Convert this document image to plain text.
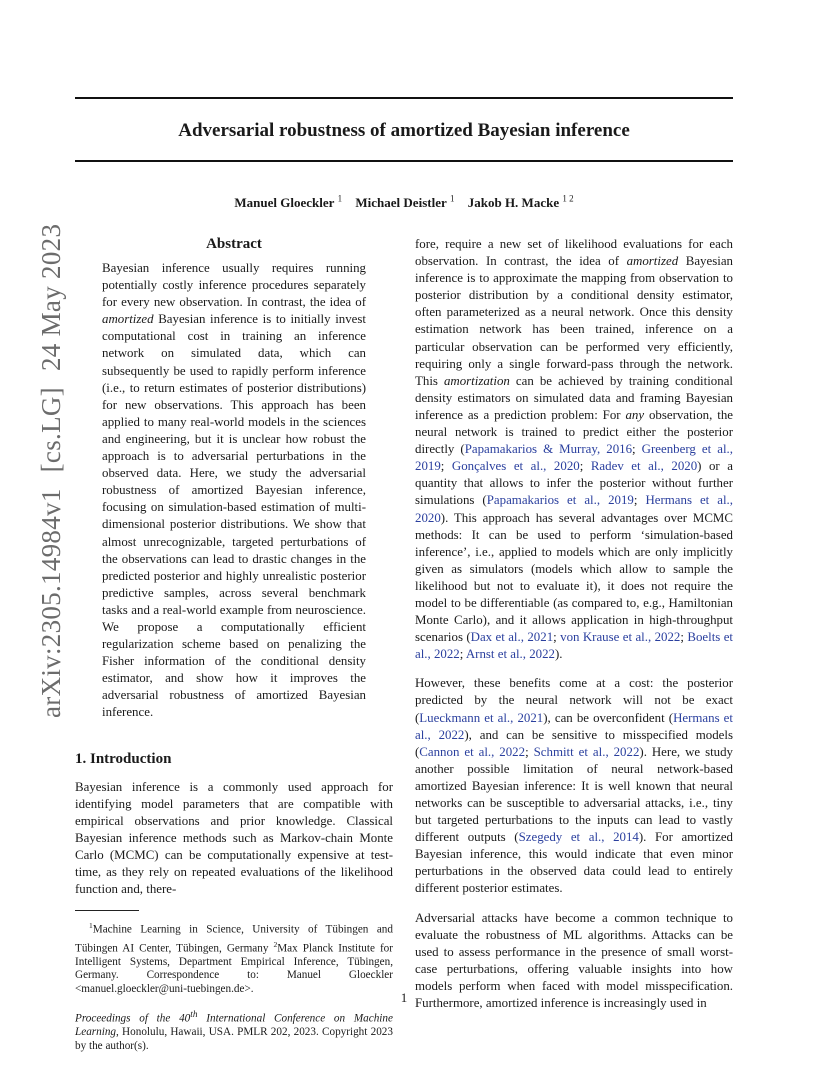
Adversarial robustness of amortized Bayesian inference
Manuel Gloeckler $^1$ Michael Deistler $^1$ Jakob H. Macke $^{1 2}$
arXiv:2305.14984v1[cs.LG]24 May 2023	Abstract

Bayesian inference usually requires running potentially costly inference procedures separately for every new observation. In contrast, the idea of amortized Bayesian inference is to initially invest computational cost in training an inference network on simulated data, which can subsequently be used to rapidly perform inference (i.e., to return estimates of posterior distributions) for new observations. This approach has been applied to many real-world models in the sciences and engineering, but it is unclear how robust the approach is to adversarial perturbations in the observed data. Here, we study the adversarial robustness of amortized Bayesian inference, focusing on simulation-based estimation of multi-dimensional posterior distributions. We show that almost unrecognizable, targeted perturbations of the observations can lead to drastic changes in the predicted posterior and highly unrealistic posterior predictive samples, across several benchmark tasks and a real-world example from neuroscience. We propose a computationally efficient regularization scheme based on penalizing the Fisher information of the conditional density estimator, and show how it improves the adversarial robustness of amortized Bayesian inference.

1. Introduction

Bayesian inference is a commonly used approach for identifying model parameters that are compatible with empirical observations and prior knowledge. Classical Bayesian inference methods such as Markov-chain Monte Carlo (MCMC) can be computationally expensive at test-time, as they rely on repeated evaluations of the likelihood function and, there-

$^1$Machine Learning in Science, University of Tübingen and Tübingen AI Center, Tübingen, Germany $^2$Max Planck Institute for Intelligent Systems, Department Empirical Inference, Tübingen, Germany. Correspondence to: Manuel Gloeckler <manuel.gloeckler@uni-tuebingen.de>.

Proceedings of the 40th International Conference on Machine Learning, Honolulu, Hawaii, USA. PMLR 202, 2023. Copyright 2023 by the author(s).

fore, require a new set of likelihood evaluations for each observation. In contrast, the idea of amortized Bayesian inference is to approximate the mapping from observation to posterior distribution by a conditional density estimator, often parameterized as a neural network. Once this density estimation network has been trained, inference on a particular observation can be performed very efficiently, requiring only a single forward-pass through the network. This amortization can be achieved by training conditional density estimators on simulated data and framing Bayesian inference as a prediction problem: For any observation, the neural network is trained to predict either the posterior directly (Papamakarios & Murray, 2016; Greenberg et al., 2019; Gonçalves et al., 2020; Radev et al., 2020) or a quantity that allows to infer the posterior without further simulations (Papamakarios et al., 2019; Hermans et al., 2020). This approach has several advantages over MCMC methods: It can be used to perform ‘simulation-based inference’, i.e., applied to models which are only implicitly given as simulators (models which allow to sample the likelihood but not to evaluate it), it does not require the model to be differentiable (as compared to, e.g., Hamiltonian Monte Carlo), and it allows application in high-throughput scenarios (Dax et al., 2021; von Krause et al., 2022; Boelts et al., 2022; Arnst et al., 2022).

However, these benefits come at a cost: the posterior predicted by the neural network will not be exact (Lueckmann et al., 2021), can be overconfident (Hermans et al., 2022), and can be sensitive to misspecified models (Cannon et al., 2022; Schmitt et al., 2022). Here, we study another possible limitation of neural network-based amortized Bayesian inference: It is well known that neural networks can be susceptible to adversarial attacks, i.e., tiny but targeted perturbations to the inputs can lead to vastly different outputs (Szegedy et al., 2014). For amortized Bayesian inference, this would indicate that even minor perturbations in the observed data could lead to entirely different posterior estimates.

Adversarial attacks have become a common technique to evaluate the robustness of ML algorithms. Attacks can be used to assess performance in the presence of small worst-case perturbations, offering valuable insights into how models perform when faced with model misspecification. Furthermore, amortized inference is increasingly used in

1
